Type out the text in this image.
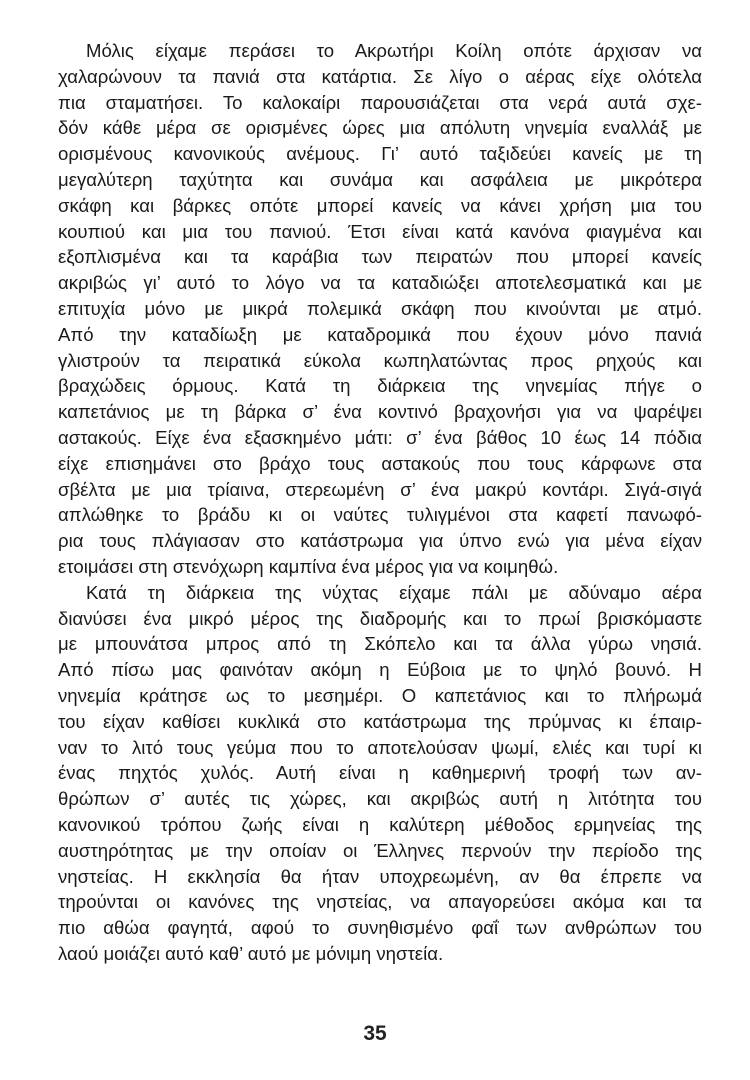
Μόλις είχαμε περάσει το Ακρωτήρι Κοίλη οπότε άρχισαν να
χαλαρώνουν τα πανιά στα κατάρτια. Σε λίγο ο αέρας είχε ολότελα
πια σταματήσει. Το καλοκαίρι παρουσιάζεται στα νερά αυτά σχε-
δόν κάθε μέρα σε ορισμένες ώρες μια απόλυτη νηνεμία εναλλάξ με
ορισμένους κανονικούς ανέμους. Γι’ αυτό ταξιδεύει κανείς με τη
μεγαλύτερη ταχύτητα και συνάμα και ασφάλεια με μικρότερα
σκάφη και βάρκες οπότε μπορεί κανείς να κάνει χρήση μια του
κουπιού και μια του πανιού. Έτσι είναι κατά κανόνα φιαγμένα και
εξοπλισμένα και τα καράβια των πειρατών που μπορεί κανείς
ακριβώς γι’ αυτό το λόγο να τα καταδιώξει αποτελεσματικά και με
επιτυχία μόνο με μικρά πολεμικά σκάφη που κινούνται με ατμό.
Από την καταδίωξη με καταδρομικά που έχουν μόνο πανιά
γλιστρούν τα πειρατικά εύκολα κωπηλατώντας προς ρηχούς και
βραχώδεις όρμους. Κατά τη διάρκεια της νηνεμίας πήγε ο
καπετάνιος με τη βάρκα σ’ ένα κοντινό βραχονήσι για να ψαρέψει
αστακούς. Είχε ένα εξασκημένο μάτι: σ’ ένα βάθος 10 έως 14 πόδια
είχε επισημάνει στο βράχο τους αστακούς που τους κάρφωνε στα
σβέλτα με μια τρίαινα, στερεωμένη σ’ ένα μακρύ κοντάρι. Σιγά-σιγά
απλώθηκε το βράδυ κι οι ναύτες τυλιγμένοι στα καφετί πανωφό-
ρια τους πλάγιασαν στο κατάστρωμα για ύπνο ενώ για μένα είχαν
ετοιμάσει στη στενόχωρη καμπίνα ένα μέρος για να κοιμηθώ.

Κατά τη διάρκεια της νύχτας είχαμε πάλι με αδύναμο αέρα
διανύσει ένα μικρό μέρος της διαδρομής και το πρωί βρισκόμαστε
με μπουνάτσα μπρος από τη Σκόπελο και τα άλλα γύρω νησιά.
Από πίσω μας φαινόταν ακόμη η Εύβοια με το ψηλό βουνό. Η
νηνεμία κράτησε ως το μεσημέρι. Ο καπετάνιος και το πλήρωμά
του είχαν καθίσει κυκλικά στο κατάστρωμα της πρύμνας κι έπαιρ-
ναν το λιτό τους γεύμα που το αποτελούσαν ψωμί, ελιές και τυρί κι
ένας πηχτός χυλός. Αυτή είναι η καθημερινή τροφή των αν-
θρώπων σ’ αυτές τις χώρες, και ακριβώς αυτή η λιτότητα του
κανονικού τρόπου ζωής είναι η καλύτερη μέθοδος ερμηνείας της
αυστηρότητας με την οποίαν οι Έλληνες περνούν την περίοδο της
νηστείας. Η εκκλησία θα ήταν υποχρεωμένη, αν θα έπρεπε να
τηρούνται οι κανόνες της νηστείας, να απαγορεύσει ακόμα και τα
πιο αθώα φαγητά, αφού το συνηθισμένο φαΐ των ανθρώπων του
λαού μοιάζει αυτό καθ’ αυτό με μόνιμη νηστεία.

35
